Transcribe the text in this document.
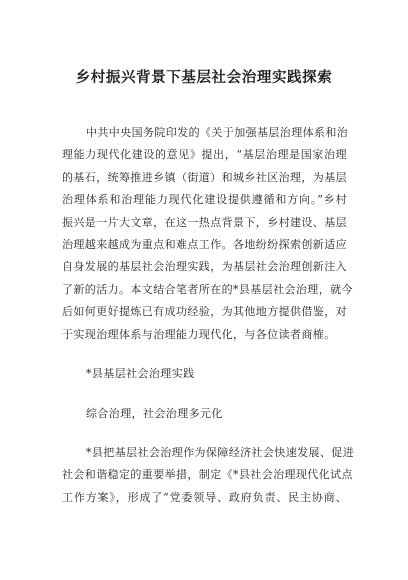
乡村振兴背景下基层社会治理实践探索
中共中央国务院印发的《关于加强基层治理体系和治
理能力现代化建设的意见》提出，“基层治理是国家治理
的基石，统筹推进乡镇（街道）和城乡社区治理，为基层
治理体系和治理能力现代化建设提供遵循和方向。”乡村
振兴是一片大文章，在这一热点背景下，乡村建设、基层
治理越来越成为重点和难点工作。各地纷纷探索创新适应
自身发展的基层社会治理实践，为基层社会治理创新注入
了新的活力。本文结合笔者所在的*县基层社会治理，就今
后如何更好提炼已有成功经验，为其他地方提供借鉴，对
于实现治理体系与治理能力现代化，与各位读者商榷。
*县基层社会治理实践
综合治理，社会治理多元化
*县把基层社会治理作为保障经济社会快速发展、促进
社会和谐稳定的重要举措，制定《*县社会治理现代化试点
工作方案》，形成了“党委领导、政府负责、民主协商、
